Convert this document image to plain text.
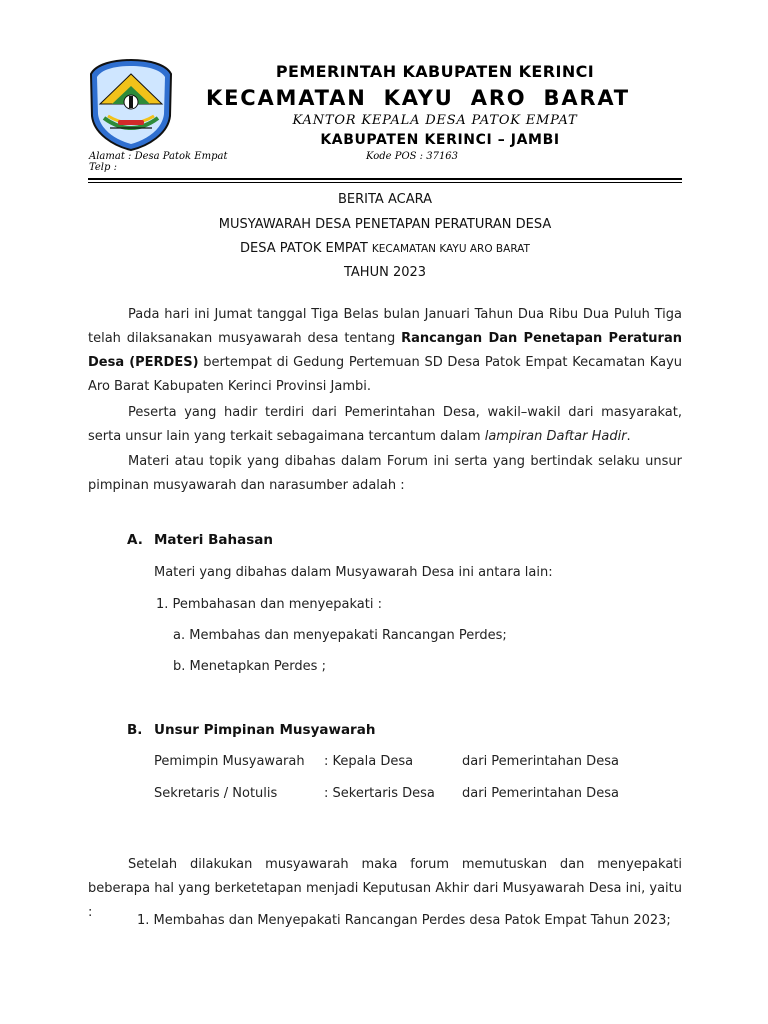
PEMERINTAH KABUPATEN KERINCI
KECAMATAN KAYU ARO BARAT
KANTOR KEPALA DESA PATOK EMPAT
KABUPATEN KERINCI – JAMBI
Alamat : Desa Patok Empat	Kode POS : 37163
Telp :
BERITA ACARA
MUSYAWARAH DESA PENETAPAN PERATURAN DESA
DESA PATOK EMPAT KECAMATAN KAYU ARO BARAT
TAHUN 2023
Pada hari ini Jumat tanggal Tiga Belas bulan Januari Tahun Dua Ribu Dua Puluh Tiga telah dilaksanakan musyawarah desa tentang Rancangan Dan Penetapan Peraturan Desa (PERDES) bertempat di Gedung Pertemuan SD Desa Patok Empat Kecamatan Kayu Aro Barat Kabupaten Kerinci Provinsi Jambi.
Peserta yang hadir terdiri dari Pemerintahan Desa, wakil–wakil dari masyarakat, serta unsur lain yang terkait sebagaimana tercantum dalam lampiran Daftar Hadir.
Materi atau topik yang dibahas dalam Forum ini serta yang bertindak selaku unsur pimpinan musyawarah dan narasumber adalah :
A. Materi Bahasan
Materi yang dibahas dalam Musyawarah Desa ini antara lain:
1. Pembahasan dan menyepakati :
a. Membahas dan menyepakati Rancangan Perdes;
b. Menetapkan Perdes ;
B. Unsur Pimpinan Musyawarah
Pemimpin Musyawarah : Kepala Desa	dari Pemerintahan Desa
Sekretaris / Notulis	: Sekertaris Desa dari Pemerintahan Desa
Setelah dilakukan musyawarah maka forum memutuskan dan menyepakati beberapa hal yang berketetapan menjadi Keputusan Akhir dari Musyawarah Desa ini, yaitu :
1. Membahas dan Menyepakati Rancangan Perdes desa Patok Empat Tahun 2023;
